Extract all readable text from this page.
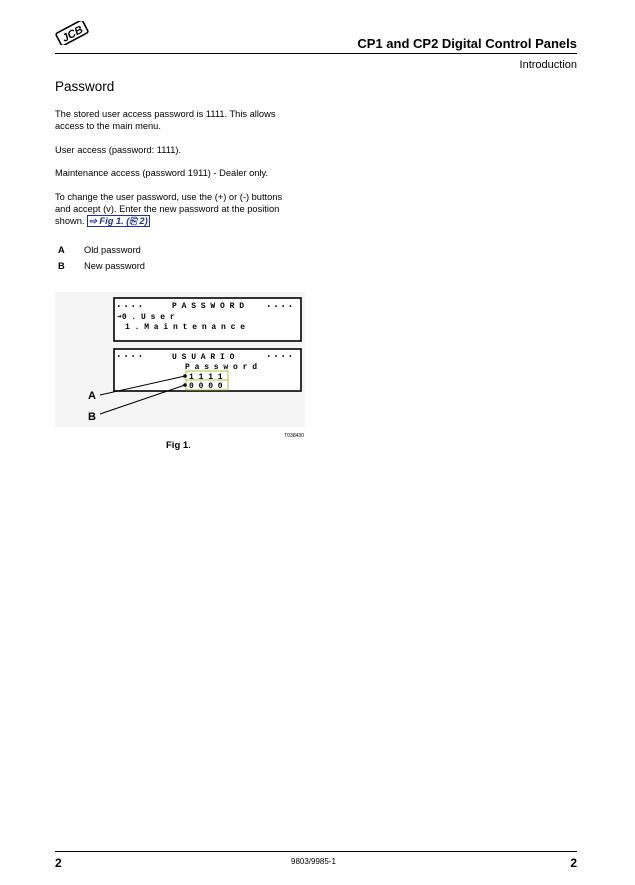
JCB	CP1 and CP2 Digital Control Panels
Introduction
Password
The stored user access password is 1111. This allows
access to the main menu.
User access (password: 1111).
Maintenance access (password 1911) - Dealer only.
To change the user password, use the (+) or (-) buttons
and accept (v). Enter the new password at the position
shown. ⇨ Fig 1. (⎘ 2)
A Old password
B New password
• • • •	P A S S W O R D	• • • •
➔0 . U s e r
1 . M a i n t e n a n c e
• • • •	U S U A R I O	• • • •
P a s s w o r d
1 1 1 1
0 0 0 0
A
B
T038430
Fig 1.
2	9803/9985-1	2
